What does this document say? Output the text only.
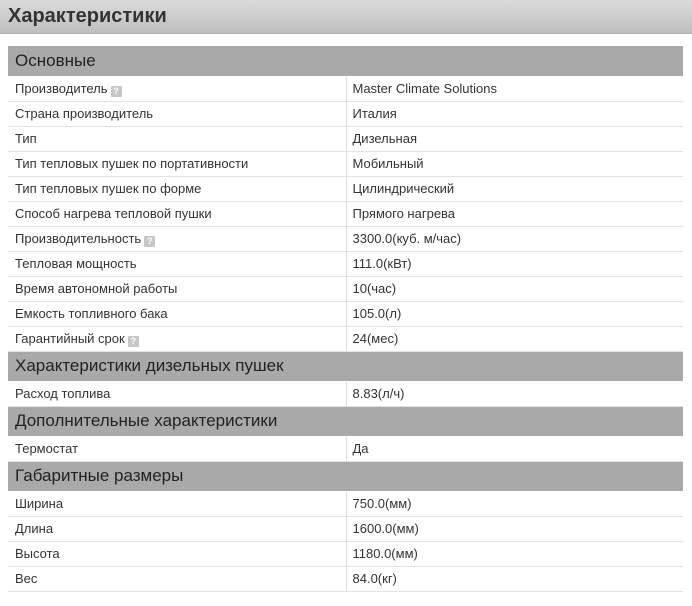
Характеристики
Основные	
Производитель ?	Master Climate Solutions
Страна производитель	Италия
Тип	Дизельная
Тип тепловых пушек по портативности	Мобильный
Тип тепловых пушек по форме	Цилиндрический
Способ нагрева тепловой пушки	Прямого нагрева
Производительность ?	3300.0(куб. м/час)
Тепловая мощность	111.0(кВт)
Время автономной работы	10(час)
Емкость топливного бака	105.0(л)
Гарантийный срок ?	24(мес)
Характеристики дизельных пушек	
Расход топлива	8.83(л/ч)
Дополнительные характеристики	
Термостат	Да
Габаритные размеры	
Ширина	750.0(мм)
Длина	1600.0(мм)
Высота	1180.0(мм)
Вес	84.0(кг)
